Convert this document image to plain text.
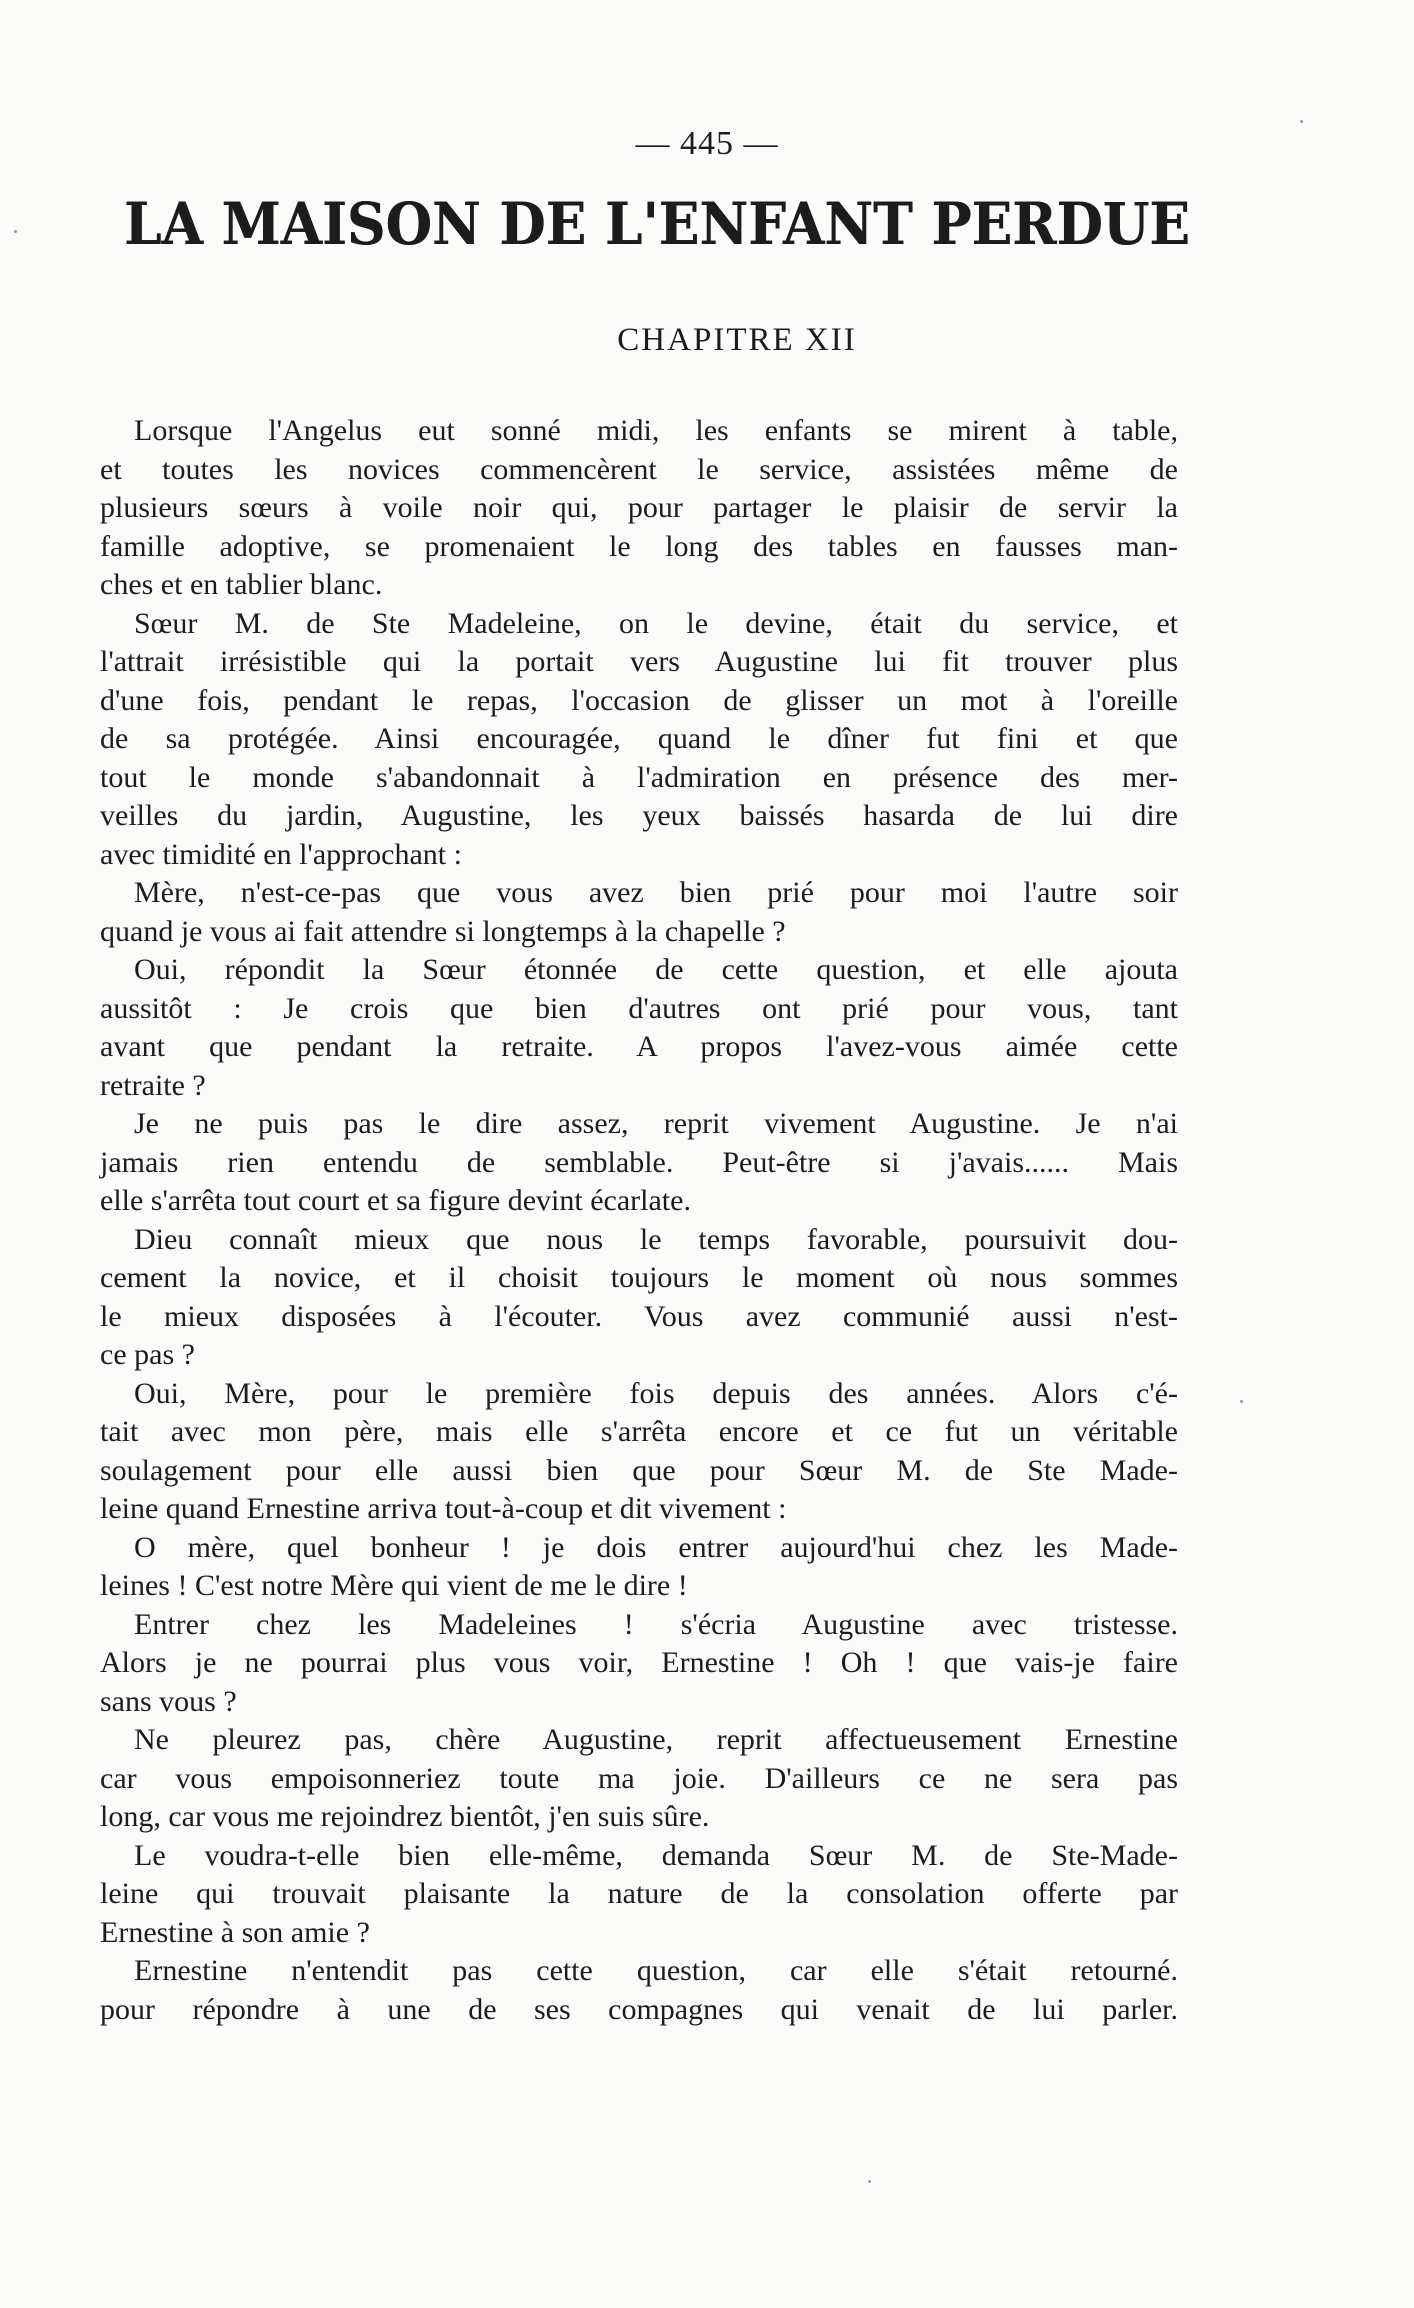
— 445 —
LA MAISON DE L'ENFANT PERDUE
CHAPITRE XII
Lorsque l'Angelus eut sonné midi, les enfants se mirent à table,
et toutes les novices commencèrent le service, assistées même de
plusieurs sœurs à voile noir qui, pour partager le plaisir de servir la
famille adoptive, se promenaient le long des tables en fausses man-
ches et en tablier blanc.
Sœur M. de Ste Madeleine, on le devine, était du service, et
l'attrait irrésistible qui la portait vers Augustine lui fit trouver plus
d'une fois, pendant le repas, l'occasion de glisser un mot à l'oreille
de sa protégée. Ainsi encouragée, quand le dîner fut fini et que
tout le monde s'abandonnait à l'admiration en présence des mer-
veilles du jardin, Augustine, les yeux baissés hasarda de lui dire
avec timidité en l'approchant :
Mère, n'est-ce-pas que vous avez bien prié pour moi l'autre soir
quand je vous ai fait attendre si longtemps à la chapelle ?
Oui, répondit la Sœur étonnée de cette question, et elle ajouta
aussitôt : Je crois que bien d'autres ont prié pour vous, tant
avant que pendant la retraite. A propos l'avez-vous aimée cette
retraite ?
Je ne puis pas le dire assez, reprit vivement Augustine. Je n'ai
jamais rien entendu de semblable. Peut-être si j'avais...... Mais
elle s'arrêta tout court et sa figure devint écarlate.
Dieu connaît mieux que nous le temps favorable, poursuivit dou-
cement la novice, et il choisit toujours le moment où nous sommes
le mieux disposées à l'écouter. Vous avez communié aussi n'est-
ce pas ?
Oui, Mère, pour le première fois depuis des années. Alors c'é-
tait avec mon père, mais elle s'arrêta encore et ce fut un véritable
soulagement pour elle aussi bien que pour Sœur M. de Ste Made-
leine quand Ernestine arriva tout-à-coup et dit vivement :
O mère, quel bonheur ! je dois entrer aujourd'hui chez les Made-
leines ! C'est notre Mère qui vient de me le dire !
Entrer chez les Madeleines ! s'écria Augustine avec tristesse.
Alors je ne pourrai plus vous voir, Ernestine ! Oh ! que vais-je faire
sans vous ?
Ne pleurez pas, chère Augustine, reprit affectueusement Ernestine
car vous empoisonneriez toute ma joie. D'ailleurs ce ne sera pas
long, car vous me rejoindrez bientôt, j'en suis sûre.
Le voudra-t-elle bien elle-même, demanda Sœur M. de Ste-Made-
leine qui trouvait plaisante la nature de la consolation offerte par
Ernestine à son amie ?
Ernestine n'entendit pas cette question, car elle s'était retourné.
pour répondre à une de ses compagnes qui venait de lui parler.
